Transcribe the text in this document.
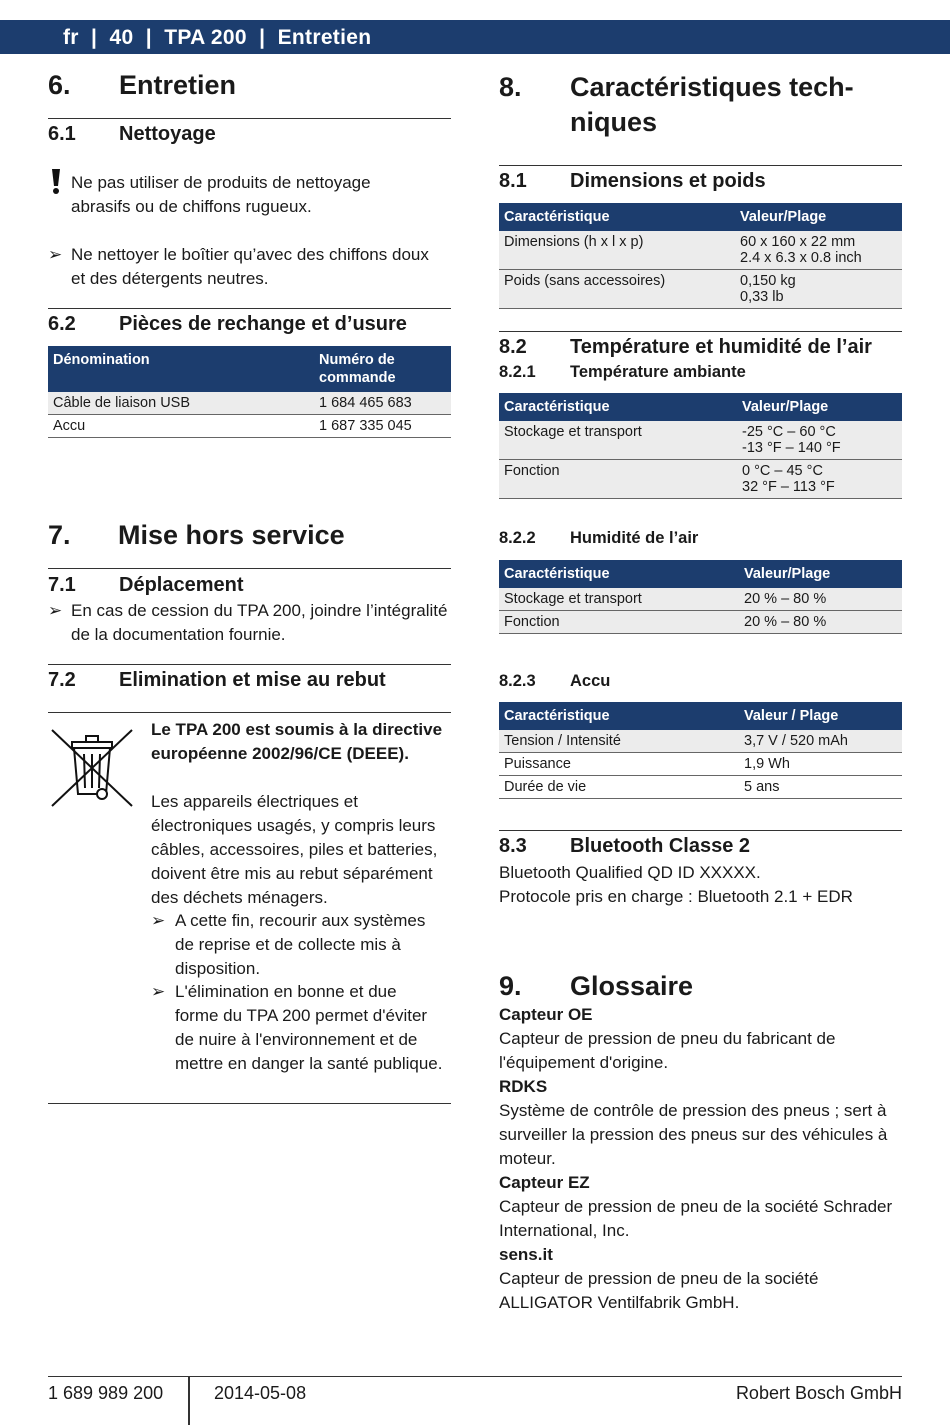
fr | 40 | TPA 200 | Entretien
6. Entretien
6.1 Nettoyage
Ne pas utiliser de produits de nettoyage abrasifs ou de chiffons rugueux.
➢ Ne nettoyer le boîtier qu’avec des chiffons doux et des détergents neutres.
6.2 Pièces de rechange et d’usure
Dénomination	Numéro de commande
Câble de liaison USB	1 684 465 683
Accu	1 687 335 045
7. Mise hors service
7.1 Déplacement
➢ En cas de cession du TPA 200, joindre l’intégralité de la documentation fournie.
7.2 Elimination et mise au rebut
Le TPA 200 est soumis à la directive européenne 2002/96/CE (DEEE).
Les appareils électriques et électroniques usagés, y compris leurs câbles, accessoires, piles et batteries, doivent être mis au rebut séparément des déchets ménagers.
➢ A cette fin, recourir aux systèmes de reprise et de collecte mis à disposition.
➢ L'élimination en bonne et due forme du TPA 200 permet d'éviter de nuire à l'environnement et de mettre en danger la santé publique.
8. Caractéristiques tech-
niques
8.1 Dimensions et poids
Caractéristique	Valeur/Plage
Dimensions (h x l x p)	60 x 160 x 22 mm
2.4 x 6.3 x 0.8 inch

Poids (sans accessoires)	0,150 kg
0,33 lb
8.2 Température et humidité de l’air
8.2.1 Température ambiante
Caractéristique	Valeur/Plage
Stockage et transport	-25 °C – 60 °C
-13 °F – 140 °F

Fonction	0 °C – 45 °C
32 °F – 113 °F
8.2.2 Humidité de l’air
Caractéristique	Valeur/Plage
Stockage et transport	20 % – 80 %
Fonction	20 % – 80 %
8.2.3 Accu
Caractéristique	Valeur / Plage
Tension / Intensité	3,7 V / 520 mAh
Puissance	1,9 Wh
Durée de vie	5 ans
8.3 Bluetooth Classe 2
Bluetooth Qualified QD ID XXXXX.
Protocole pris en charge : Bluetooth 2.1 + EDR
9. Glossaire
Capteur OE
Capteur de pression de pneu du fabricant de l'équipement d'origine.
RDKS
Système de contrôle de pression des pneus ; sert à surveiller la pression des pneus sur des véhicules à moteur.
Capteur EZ
Capteur de pression de pneu de la société Schrader International, Inc.
sens.it
Capteur de pression de pneu de la société ALLIGATOR Ventilfabrik GmbH.
1 689 989 200	2014-05-08	Robert Bosch GmbH
